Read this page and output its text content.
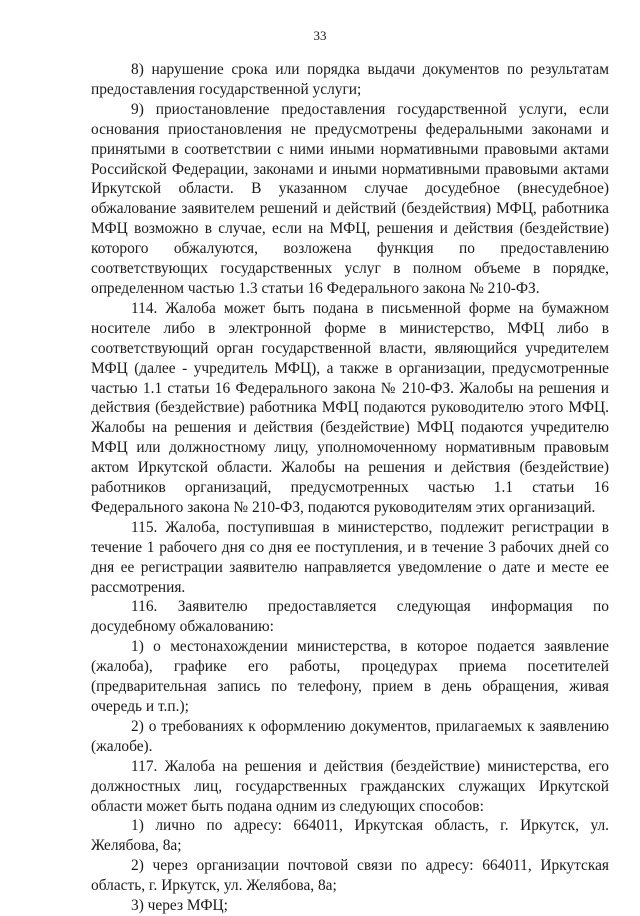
33

8) нарушение срока или порядка выдачи документов по результатам предоставления государственной услуги;

9) приостановление предоставления государственной услуги, если основания приостановления не предусмотрены федеральными законами и принятыми в соответствии с ними иными нормативными правовыми актами Российской Федерации, законами и иными нормативными правовыми актами Иркутской области. В указанном случае досудебное (внесудебное) обжалование заявителем решений и действий (бездействия) МФЦ, работника МФЦ возможно в случае, если на МФЦ, решения и действия (бездействие) которого обжалуются, возложена функция по предоставлению соответствующих государственных услуг в полном объеме в порядке, определенном частью 1.3 статьи 16 Федерального закона № 210-ФЗ.

114. Жалоба может быть подана в письменной форме на бумажном носителе либо в электронной форме в министерство, МФЦ либо в соответствующий орган государственной власти, являющийся учредителем МФЦ (далее - учредитель МФЦ), а также в организации, предусмотренные частью 1.1 статьи 16 Федерального закона № 210-ФЗ. Жалобы на решения и действия (бездействие) работника МФЦ подаются руководителю этого МФЦ. Жалобы на решения и действия (бездействие) МФЦ подаются учредителю МФЦ или должностному лицу, уполномоченному нормативным правовым актом Иркутской области. Жалобы на решения и действия (бездействие) работников организаций, предусмотренных частью 1.1 статьи 16 Федерального закона № 210-ФЗ, подаются руководителям этих организаций.

115. Жалоба, поступившая в министерство, подлежит регистрации в течение 1 рабочего дня со дня ее поступления, и в течение 3 рабочих дней со дня ее регистрации заявителю направляется уведомление о дате и месте ее рассмотрения.

116. Заявителю предоставляется следующая информация по досудебному обжалованию:

1) о местонахождении министерства, в которое подается заявление (жалоба), графике его работы, процедурах приема посетителей (предварительная запись по телефону, прием в день обращения, живая очередь и т.п.);

2) о требованиях к оформлению документов, прилагаемых к заявлению (жалобе).

117. Жалоба на решения и действия (бездействие) министерства, его должностных лиц, государственных гражданских служащих Иркутской области может быть подана одним из следующих способов:

1) лично по адресу: 664011, Иркутская область, г. Иркутск, ул. Желябова, 8а;

2) через организации почтовой связи по адресу: 664011, Иркутская область, г. Иркутск, ул. Желябова, 8а;

3) через МФЦ;
